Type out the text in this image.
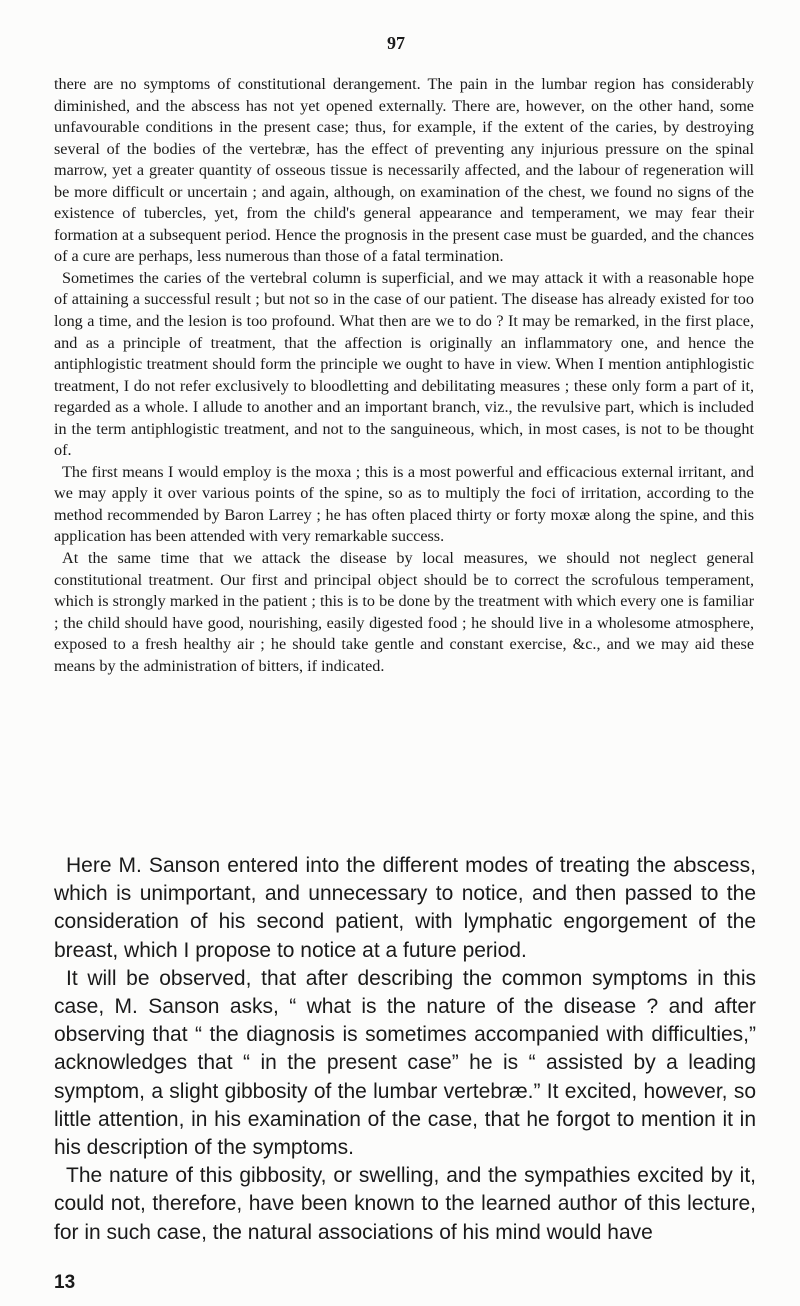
97

there are no symptoms of constitutional derangement. The pain in the lumbar region has considerably diminished, and the abscess has not yet opened externally. There are, however, on the other hand, some unfavourable conditions in the present case; thus, for example, if the extent of the caries, by destroying several of the bodies of the vertebræ, has the effect of preventing any injurious pressure on the spinal marrow, yet a greater quantity of osseous tissue is necessarily affected, and the labour of regeneration will be more difficult or uncertain ; and again, although, on examination of the chest, we found no signs of the existence of tubercles, yet, from the child's general appearance and temperament, we may fear their formation at a subsequent period. Hence the prognosis in the present case must be guarded, and the chances of a cure are perhaps, less numerous than those of a fatal termination.

Sometimes the caries of the vertebral column is superficial, and we may attack it with a reasonable hope of attaining a successful result ; but not so in the case of our patient. The disease has already existed for too long a time, and the lesion is too profound. What then are we to do ? It may be remarked, in the first place, and as a principle of treatment, that the affection is originally an inflammatory one, and hence the antiphlogistic treatment should form the principle we ought to have in view. When I mention antiphlogistic treatment, I do not refer exclusively to bloodletting and debilitating measures ; these only form a part of it, regarded as a whole. I allude to another and an important branch, viz., the revulsive part, which is included in the term antiphlogistic treatment, and not to the sanguineous, which, in most cases, is not to be thought of.

The first means I would employ is the moxa ; this is a most powerful and efficacious external irritant, and we may apply it over various points of the spine, so as to multiply the foci of irritation, according to the method recommended by Baron Larrey ; he has often placed thirty or forty moxæ along the spine, and this application has been attended with very remarkable success.

At the same time that we attack the disease by local measures, we should not neglect general constitutional treatment. Our first and principal object should be to correct the scrofulous temperament, which is strongly marked in the patient ; this is to be done by the treatment with which every one is familiar ; the child should have good, nourishing, easily digested food ; he should live in a wholesome atmosphere, exposed to a fresh healthy air ; he should take gentle and constant exercise, &c., and we may aid these means by the administration of bitters, if indicated.

Here M. Sanson entered into the different modes of treating the abscess, which is unimportant, and unnecessary to notice, and then passed to the consideration of his second patient, with lymphatic engorgement of the breast, which I propose to notice at a future period.

It will be observed, that after describing the common symptoms in this case, M. Sanson asks, “ what is the nature of the disease ? and after observing that “ the diagnosis is sometimes accompanied with difficulties,” acknowledges that “ in the present case” he is “ assisted by a leading symptom, a slight gibbosity of the lumbar vertebræ.” It excited, however, so little attention, in his examination of the case, that he forgot to mention it in his description of the symptoms.

The nature of this gibbosity, or swelling, and the sympathies excited by it, could not, therefore, have been known to the learned author of this lecture, for in such case, the natural associations of his mind would have

13
